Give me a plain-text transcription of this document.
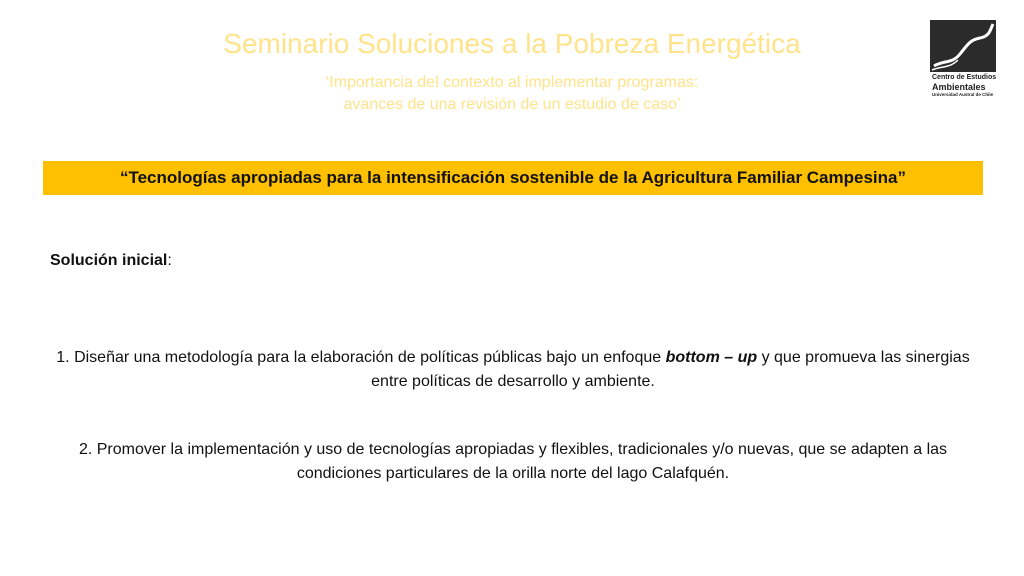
Seminario Soluciones a la Pobreza Energética
‘Importancia del contexto al implementar programas:
avances de una revisión de un estudio de caso’
Centro de Estudios
Ambientales
Universidad Austral de Chile
“Tecnologías apropiadas para la intensificación sostenible de la Agricultura Familiar Campesina”
Solución inicial:
1. Diseñar una metodología para la elaboración de políticas públicas bajo un enfoque bottom – up y que promueva las sinergias entre políticas de desarrollo y ambiente.
2. Promover la implementación y uso de tecnologías apropiadas y flexibles, tradicionales y/o nuevas, que se adapten a las condiciones particulares de la orilla norte del lago Calafquén.
